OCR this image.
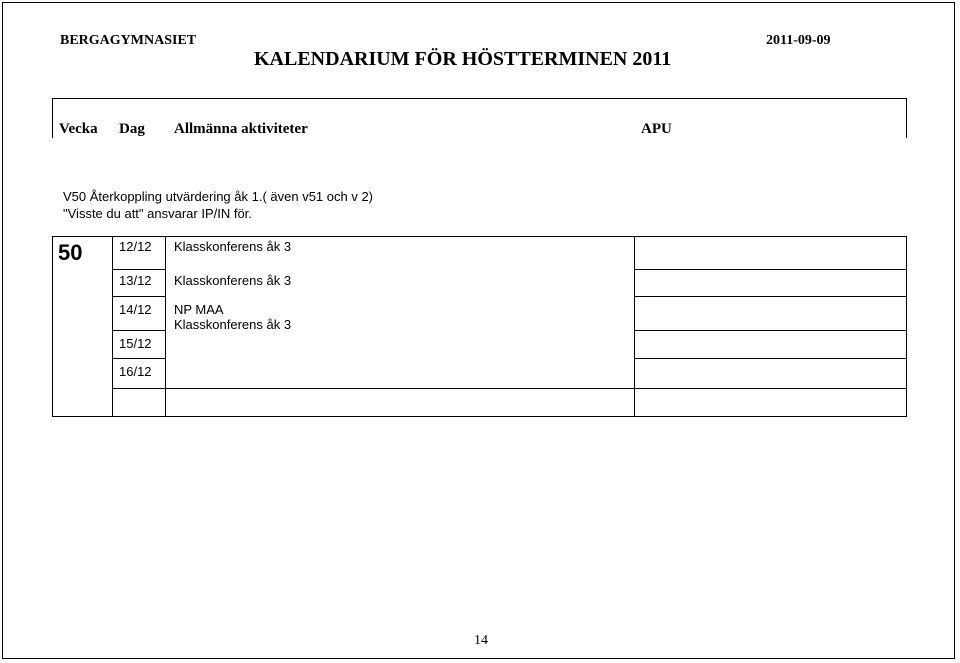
BERGAGYMNASIET	2011-09-09
KALENDARIUM FÖR HÖSTTERMINEN 2011
Vecka Dag Allmänna aktiviteter	APU
V50 Återkoppling utvärdering åk 1.( även v51 och v 2)
"Visste du att" ansvarar IP/IN för.
50	12/12 Klasskonferens åk 3
13/12 Klasskonferens åk 3
14/12 NP MAA
Klasskonferens åk 3
15/12
16/12
14
